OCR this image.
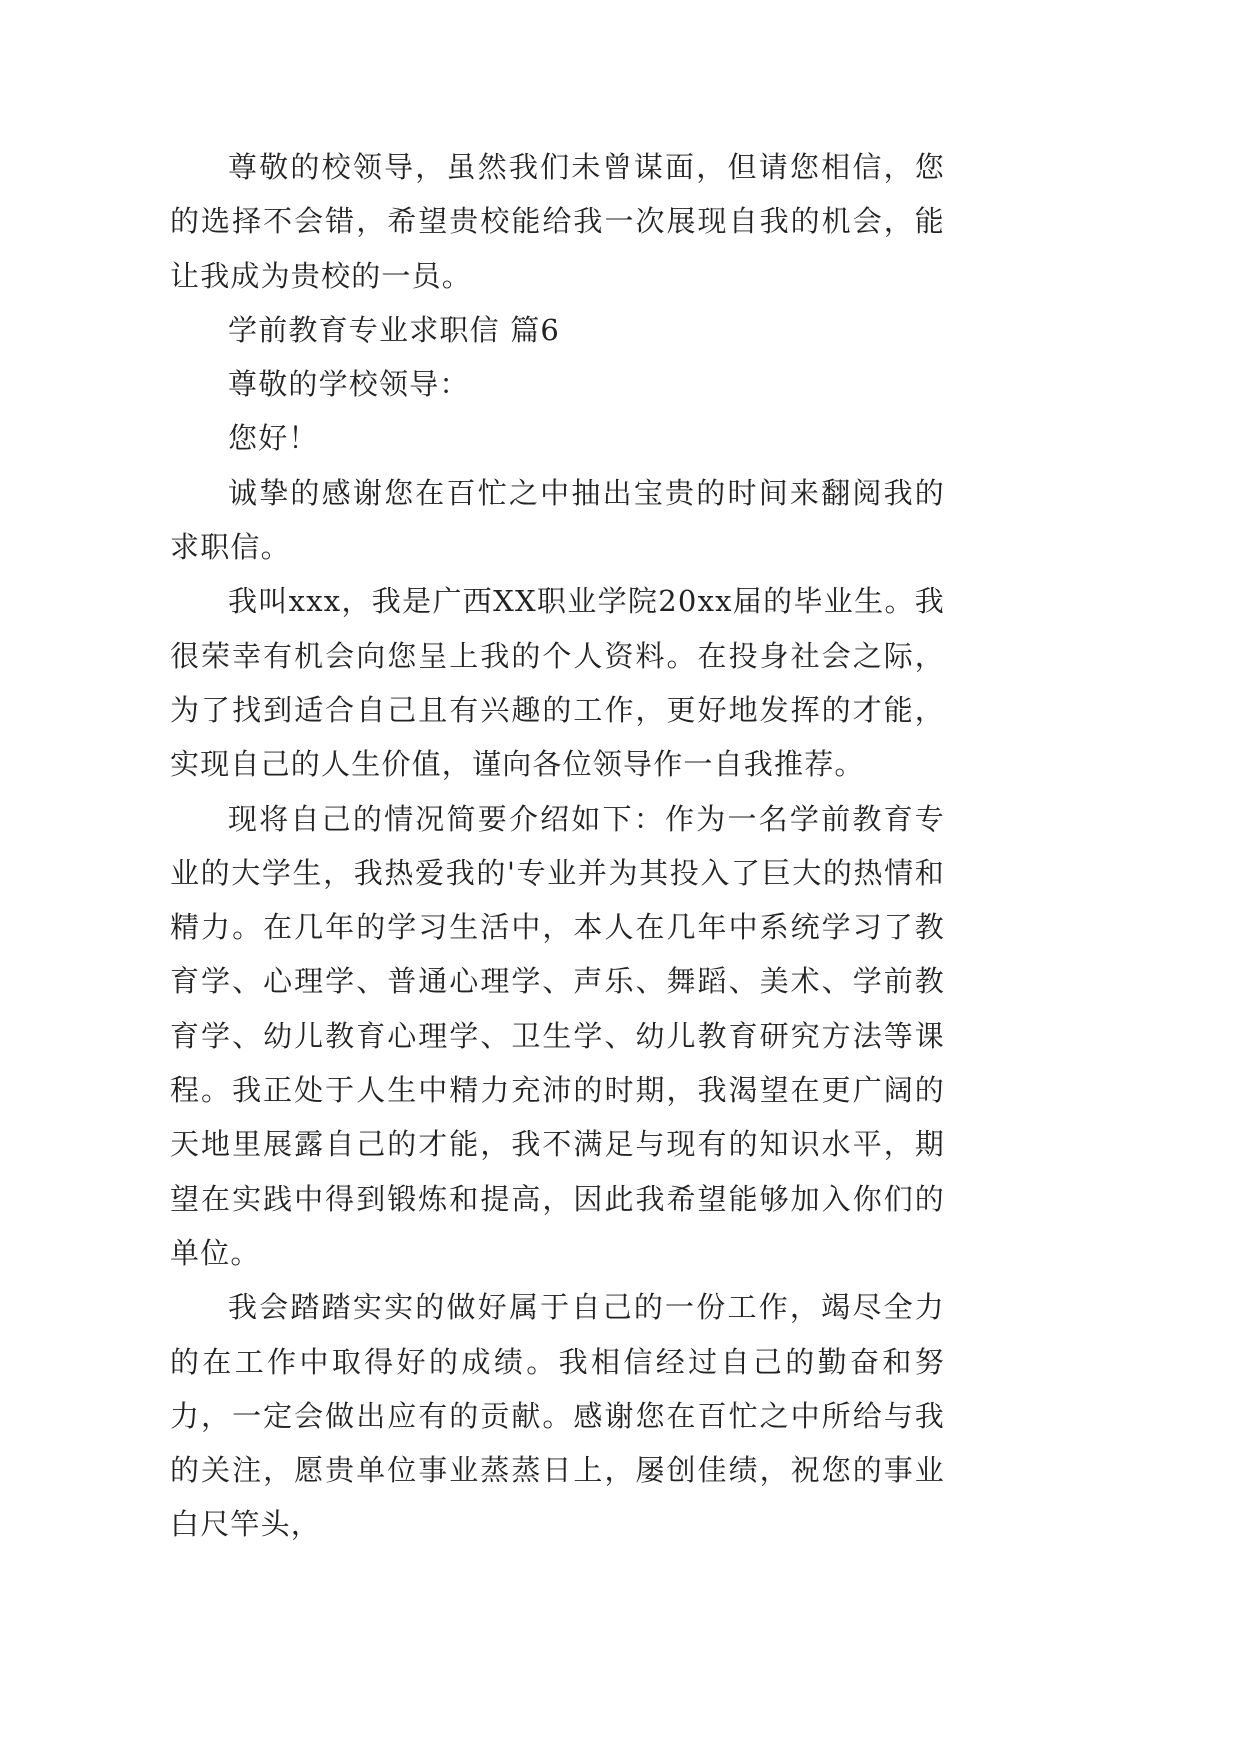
尊敬的校领导，虽然我们未曾谋面，但请您相信，您的选择不会错，希望贵校能给我一次展现自我的机会，能让我成为贵校的一员。

学前教育专业求职信 篇6

尊敬的学校领导：

您好！

诚挚的感谢您在百忙之中抽出宝贵的时间来翻阅我的求职信。

我叫xxx，我是广西XX职业学院20xx届的毕业生。我很荣幸有机会向您呈上我的个人资料。在投身社会之际，为了找到适合自己且有兴趣的工作，更好地发挥的才能，实现自己的人生价值，谨向各位领导作一自我推荐。

现将自己的情况简要介绍如下：作为一名学前教育专业的大学生，我热爱我的'专业并为其投入了巨大的热情和精力。在几年的学习生活中，本人在几年中系统学习了教育学、心理学、普通心理学、声乐、舞蹈、美术、学前教育学、幼儿教育心理学、卫生学、幼儿教育研究方法等课程。我正处于人生中精力充沛的时期，我渴望在更广阔的天地里展露自己的才能，我不满足与现有的知识水平，期望在实践中得到锻炼和提高，因此我希望能够加入你们的单位。

我会踏踏实实的做好属于自己的一份工作，竭尽全力的在工作中取得好的成绩。我相信经过自己的勤奋和努力，一定会做出应有的贡献。感谢您在百忙之中所给与我的关注，愿贵单位事业蒸蒸日上，屡创佳绩，祝您的事业白尺竿头，
